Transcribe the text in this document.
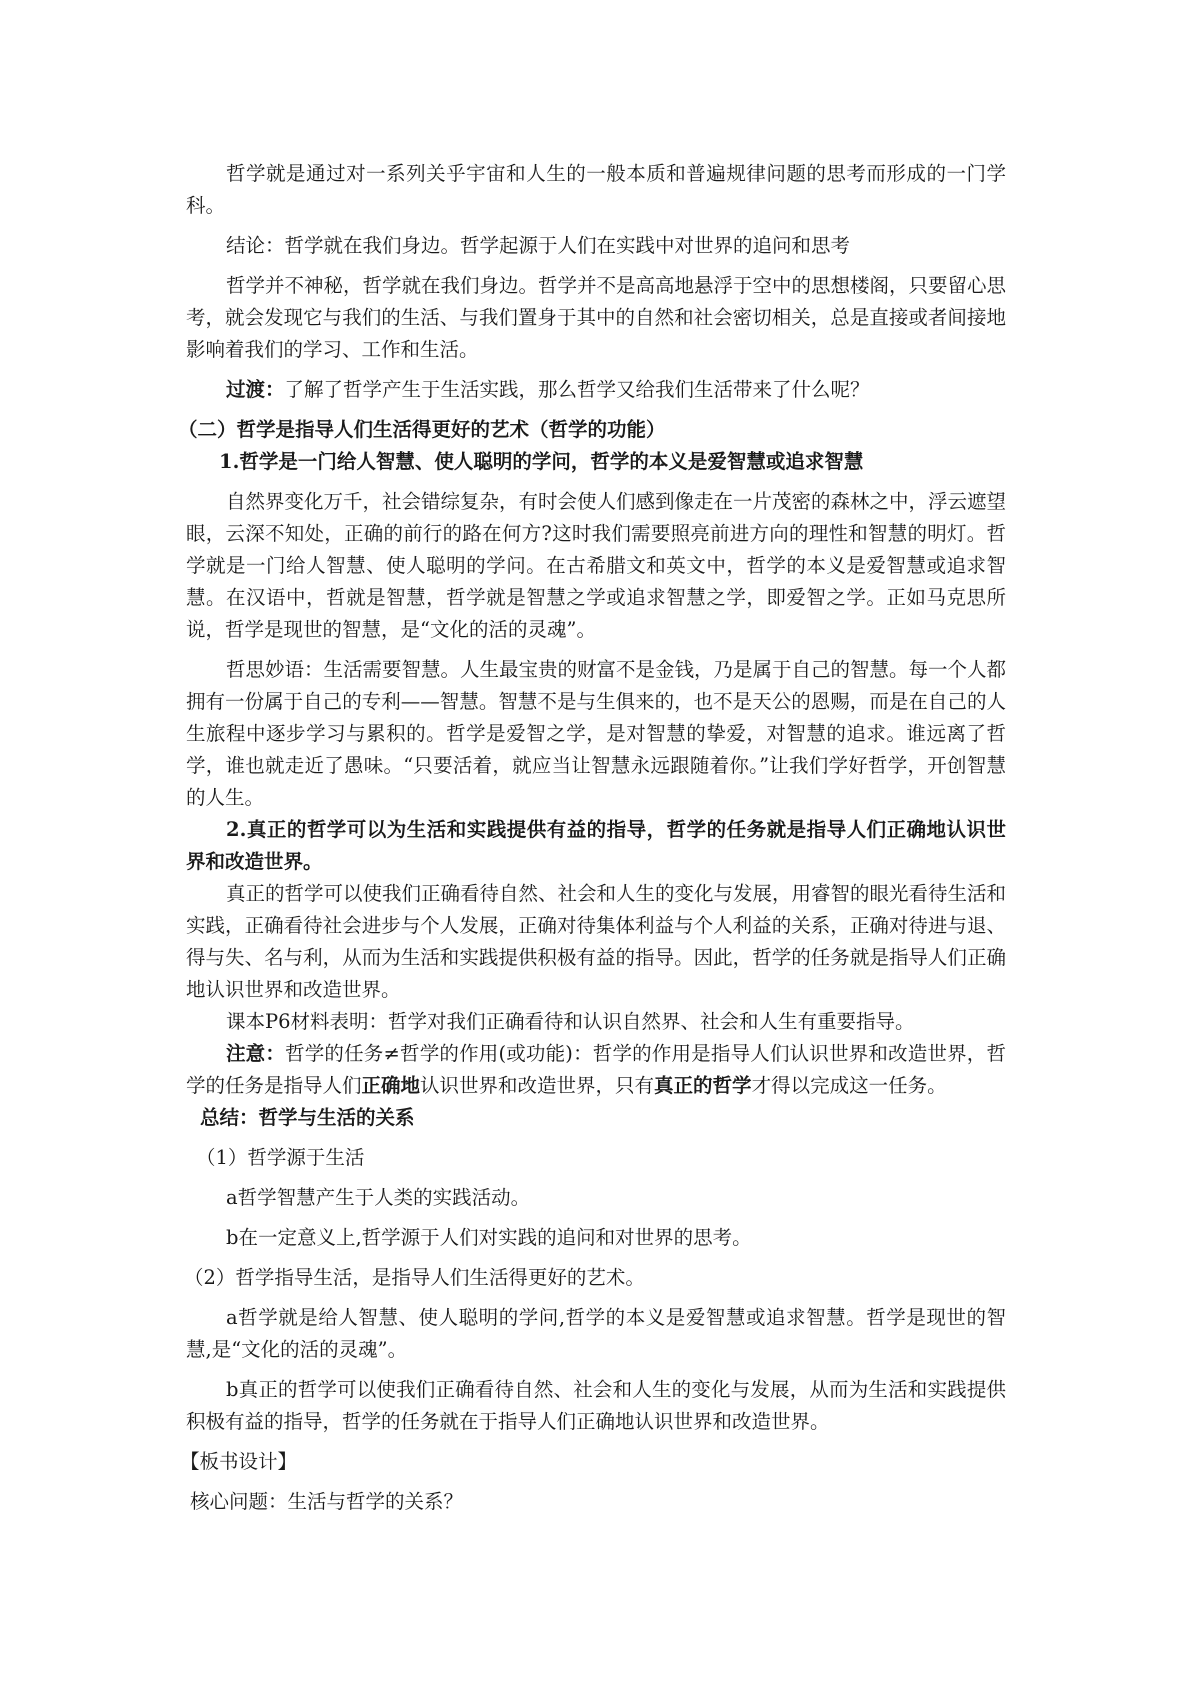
哲学就是通过对一系列关乎宇宙和人生的一般本质和普遍规律问题的思考而形成的一门学科。

结论：哲学就在我们身边。哲学起源于人们在实践中对世界的追问和思考

哲学并不神秘，哲学就在我们身边。哲学并不是高高地悬浮于空中的思想楼阁，只要留心思考，就会发现它与我们的生活、与我们置身于其中的自然和社会密切相关，总是直接或者间接地影响着我们的学习、工作和生活。

过渡：了解了哲学产生于生活实践，那么哲学又给我们生活带来了什么呢？

（二）哲学是指导人们生活得更好的艺术（哲学的功能）

1.哲学是一门给人智慧、使人聪明的学问，哲学的本义是爱智慧或追求智慧

自然界变化万千，社会错综复杂，有时会使人们感到像走在一片茂密的森林之中，浮云遮望眼，云深不知处，正确的前行的路在何方?这时我们需要照亮前进方向的理性和智慧的明灯。哲学就是一门给人智慧、使人聪明的学问。在古希腊文和英文中，哲学的本义是爱智慧或追求智慧。在汉语中，哲就是智慧，哲学就是智慧之学或追求智慧之学，即爱智之学。正如马克思所说，哲学是现世的智慧，是“文化的活的灵魂”。

哲思妙语：生活需要智慧。人生最宝贵的财富不是金钱，乃是属于自己的智慧。每一个人都拥有一份属于自己的专利——智慧。智慧不是与生俱来的，也不是天公的恩赐，而是在自己的人生旅程中逐步学习与累积的。哲学是爱智之学，是对智慧的挚爱，对智慧的追求。谁远离了哲学，谁也就走近了愚味。“只要活着，就应当让智慧永远跟随着你。”让我们学好哲学，开创智慧的人生。

2.真正的哲学可以为生活和实践提供有益的指导，哲学的任务就是指导人们正确地认识世界和改造世界。

真正的哲学可以使我们正确看待自然、社会和人生的变化与发展，用睿智的眼光看待生活和实践，正确看待社会进步与个人发展，正确对待集体利益与个人利益的关系，正确对待进与退、得与失、名与利，从而为生活和实践提供积极有益的指导。因此，哲学的任务就是指导人们正确地认识世界和改造世界。

课本P6材料表明：哲学对我们正确看待和认识自然界、社会和人生有重要指导。

注意：哲学的任务≠哲学的作用(或功能)：哲学的作用是指导人们认识世界和改造世界，哲学的任务是指导人们正确地认识世界和改造世界，只有真正的哲学才得以完成这一任务。

总结：哲学与生活的关系

（1）哲学源于生活

a哲学智慧产生于人类的实践活动。

b在一定意义上,哲学源于人们对实践的追问和对世界的思考。

（2）哲学指导生活，是指导人们生活得更好的艺术。

a哲学就是给人智慧、使人聪明的学问,哲学的本义是爱智慧或追求智慧。哲学是现世的智慧,是“文化的活的灵魂”。

b真正的哲学可以使我们正确看待自然、社会和人生的变化与发展，从而为生活和实践提供积极有益的指导，哲学的任务就在于指导人们正确地认识世界和改造世界。

【板书设计】

核心问题：生活与哲学的关系？
